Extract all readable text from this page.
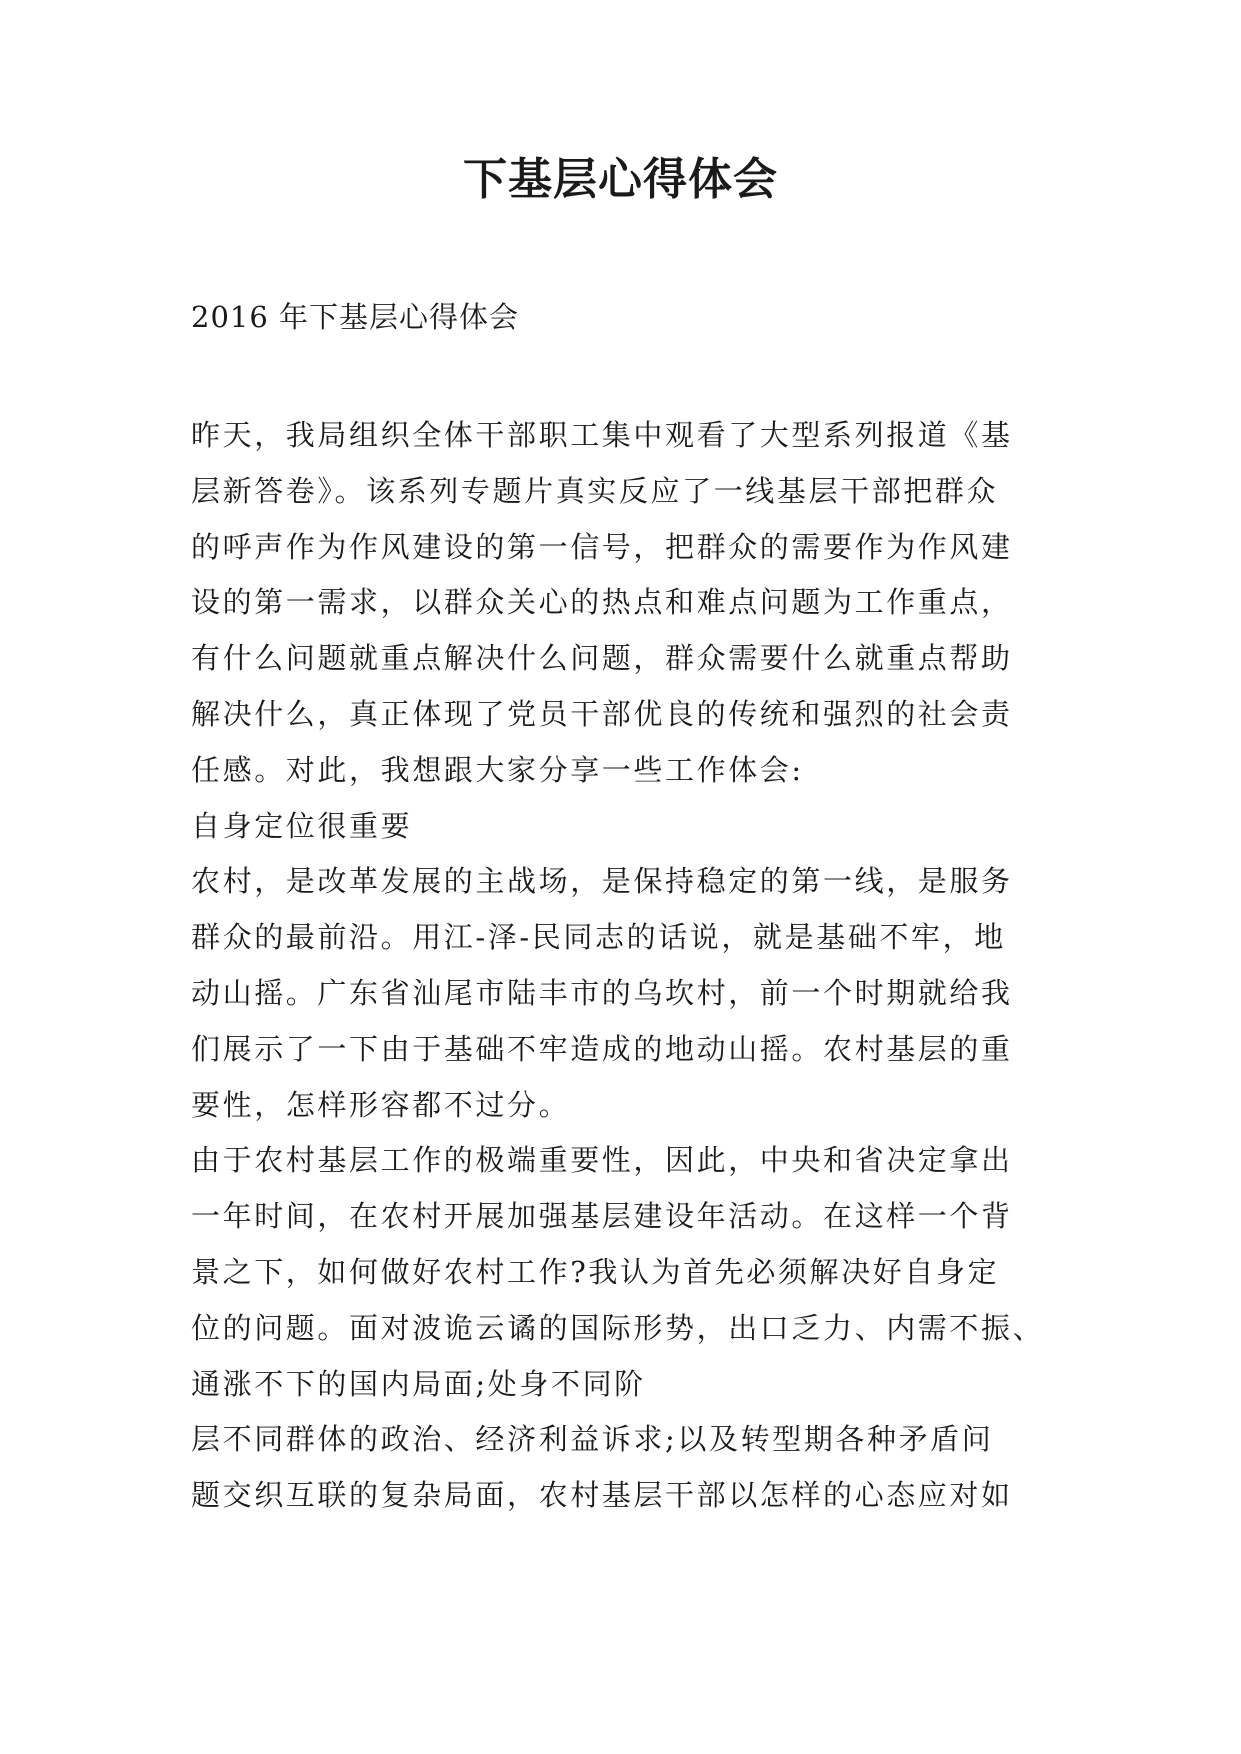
下基层心得体会

2016 年下基层心得体会

昨天，我局组织全体干部职工集中观看了大型系列报道《基
层新答卷》。该系列专题片真实反应了一线基层干部把群众
的呼声作为作风建设的第一信号，把群众的需要作为作风建
设的第一需求，以群众关心的热点和难点问题为工作重点，
有什么问题就重点解决什么问题，群众需要什么就重点帮助
解决什么，真正体现了党员干部优良的传统和强烈的社会责
任感。对此，我想跟大家分享一些工作体会:
自身定位很重要
农村，是改革发展的主战场，是保持稳定的第一线，是服务
群众的最前沿。用江-泽-民同志的话说，就是基础不牢，地
动山摇。广东省汕尾市陆丰市的乌坎村，前一个时期就给我
们展示了一下由于基础不牢造成的地动山摇。农村基层的重
要性，怎样形容都不过分。
由于农村基层工作的极端重要性，因此，中央和省决定拿出
一年时间，在农村开展加强基层建设年活动。在这样一个背
景之下，如何做好农村工作?我认为首先必须解决好自身定
位的问题。面对波诡云谲的国际形势，出口乏力、内需不振、
通涨不下的国内局面;处身不同阶
层不同群体的政治、经济利益诉求;以及转型期各种矛盾问
题交织互联的复杂局面，农村基层干部以怎样的心态应对如
